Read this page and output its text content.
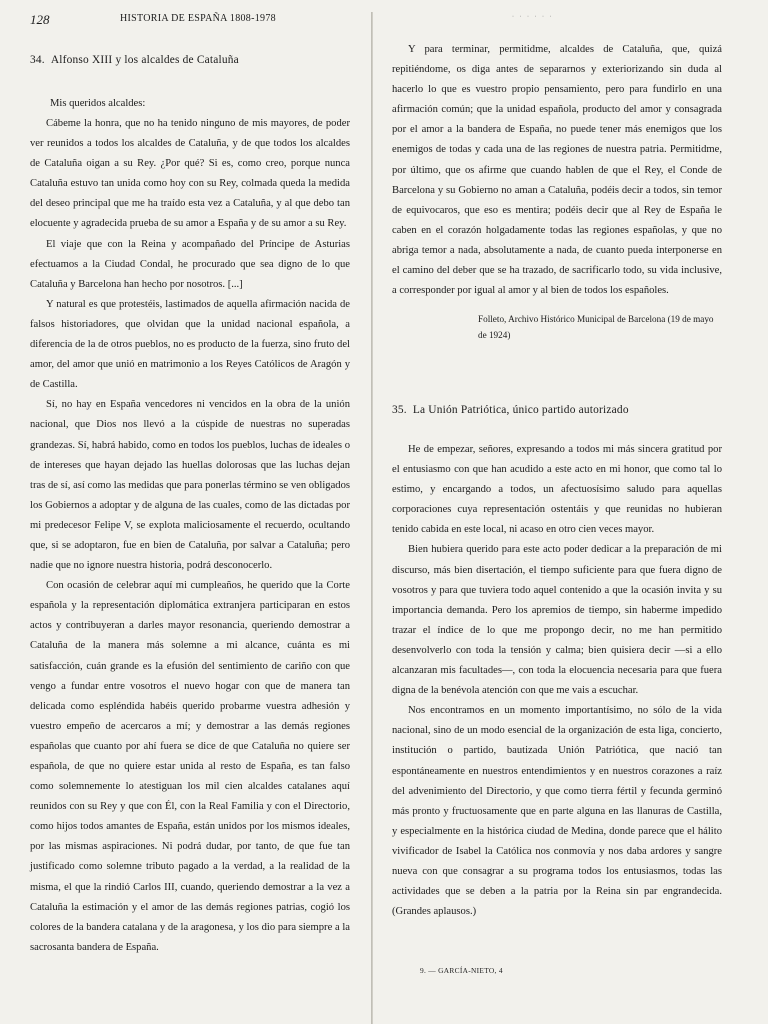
128	HISTORIA DE ESPAÑA 1808-1978
34. Alfonso XIII y los alcaldes de Cataluña

Mis queridos alcaldes:

Cábeme la honra, que no ha tenido ninguno de mis mayores, de poder ver reunidos a todos los alcaldes de Cataluña, y de que todos los alcaldes de Cataluña oigan a su Rey. ¿Por qué? Si es, como creo, porque nunca Cataluña estuvo tan unida como hoy con su Rey, colmada queda la medida del deseo principal que me ha traído esta vez a Cataluña, y al que debo tan elocuente y agradecida prueba de su amor a España y de su amor a su Rey.

El viaje que con la Reina y acompañado del Príncipe de Asturias efectuamos a la Ciudad Condal, he procurado que sea digno de lo que Cataluña y Barcelona han hecho por nosotros. [...]

Y natural es que protestéis, lastimados de aquella afirmación nacida de falsos historiadores, que olvidan que la unidad nacional española, a diferencia de la de otros pueblos, no es producto de la fuerza, sino fruto del amor, del amor que unió en matrimonio a los Reyes Católicos de Aragón y de Castilla.

Sí, no hay en España vencedores ni vencidos en la obra de la unión nacional, que Dios nos llevó a la cúspide de nuestras no superadas grandezas. Sí, habrá habido, como en todos los pueblos, luchas de ideales o de intereses que hayan dejado las huellas dolorosas que las luchas dejan tras de sí, así como las medidas que para ponerlas término se ven obligados los Gobiernos a adoptar y de alguna de las cuales, como de las dictadas por mi predecesor Felipe V, se explota maliciosamente el recuerdo, ocultando que, si se adoptaron, fue en bien de Cataluña, por salvar a Cataluña; pero nadie que no ignore nuestra historia, podrá desconocerlo.

Con ocasión de celebrar aquí mi cumpleaños, he querido que la Corte española y la representación diplomática extranjera participaran en estos actos y contribuyeran a darles mayor resonancia, queriendo demostrar a Cataluña de la manera más solemne a mi alcance, cuánta es mi satisfacción, cuán grande es la efusión del sentimiento de cariño con que vengo a fundar entre vosotros el nuevo hogar con que de manera tan delicada como espléndida habéis querido probarme vuestra adhesión y vuestro empeño de acercaros a mí; y demostrar a las demás regiones españolas que cuanto por ahí fuera se dice de que Cataluña no quiere ser española, de que no quiere estar unida al resto de España, es tan falso como solemnemente lo atestiguan los mil cien alcaldes catalanes aquí reunidos con su Rey y que con Él, con la Real Familia y con el Directorio, como hijos todos amantes de España, están unidos por los mismos ideales, por las mismas aspiraciones. Ni podrá dudar, por tanto, de que fue tan justificado como solemne tributo pagado a la verdad, a la realidad de la misma, el que la rindió Carlos III, cuando, queriendo demostrar a la vez a Cataluña la estimación y el amor de las demás regiones patrias, cogió los colores de la bandera catalana y de la aragonesa, y los dio para siempre a la sacrosanta bandera de España.

· · · · · ·

Y para terminar, permitidme, alcaldes de Cataluña, que, quizá repitiéndome, os diga antes de separarnos y exteriorizando sin duda al hacerlo lo que es vuestro propio pensamiento, pero para fundirlo en una afirmación común; que la unidad española, producto del amor y consagrada por el amor a la bandera de España, no puede tener más enemigos que los enemigos de todas y cada una de las regiones de nuestra patria. Permitidme, por último, que os afirme que cuando hablen de que el Rey, el Conde de Barcelona y su Gobierno no aman a Cataluña, podéis decir a todos, sin temor de equivocaros, que eso es mentira; podéis decir que al Rey de España le caben en el corazón holgadamente todas las regiones españolas, y que no abriga temor a nada, absolutamente a nada, de cuanto pueda interponerse en el camino del deber que se ha trazado, de sacrificarlo todo, su vida inclusive, a corresponder por igual al amor y al bien de todos los españoles.

Folleto, Archivo Histórico Municipal de Barcelona (19 de mayo de 1924)

35. La Unión Patriótica, único partido autorizado

He de empezar, señores, expresando a todos mi más sincera gratitud por el entusiasmo con que han acudido a este acto en mi honor, que como tal lo estimo, y encargando a todos, un afectuosísimo saludo para aquellas corporaciones cuya representación ostentáis y que reunidas no hubieran tenido cabida en este local, ni acaso en otro cien veces mayor.

Bien hubiera querido para este acto poder dedicar a la preparación de mi discurso, más bien disertación, el tiempo suficiente para que fuera digno de vosotros y para que tuviera todo aquel contenido a que la ocasión invita y su importancia demanda. Pero los apremios de tiempo, sin haberme impedido trazar el índice de lo que me propongo decir, no me han permitido desenvolverlo con toda la tensión y calma; bien quisiera decir —si a ello alcanzaran mis facultades—, con toda la elocuencia necesaria para que fuera digna de la benévola atención con que me vais a escuchar.

Nos encontramos en un momento importantísimo, no sólo de la vida nacional, sino de un modo esencial de la organización de esta liga, concierto, institución o partido, bautizada Unión Patriótica, que nació tan espontáneamente en nuestros entendimientos y en nuestros corazones a raíz del advenimiento del Directorio, y que como tierra fértil y fecunda germinó más pronto y fructuosamente que en parte alguna en las llanuras de Castilla, y especialmente en la histórica ciudad de Medina, donde parece que el hálito vivificador de Isabel la Católica nos conmovía y nos daba ardores y sangre nueva con que consagrar a su programa todos los entusiasmos, todas las actividades que se deben a la patria por la Reina sin par engrandecida. (Grandes aplausos.)

9. — GARCÍA-NIETO, 4
